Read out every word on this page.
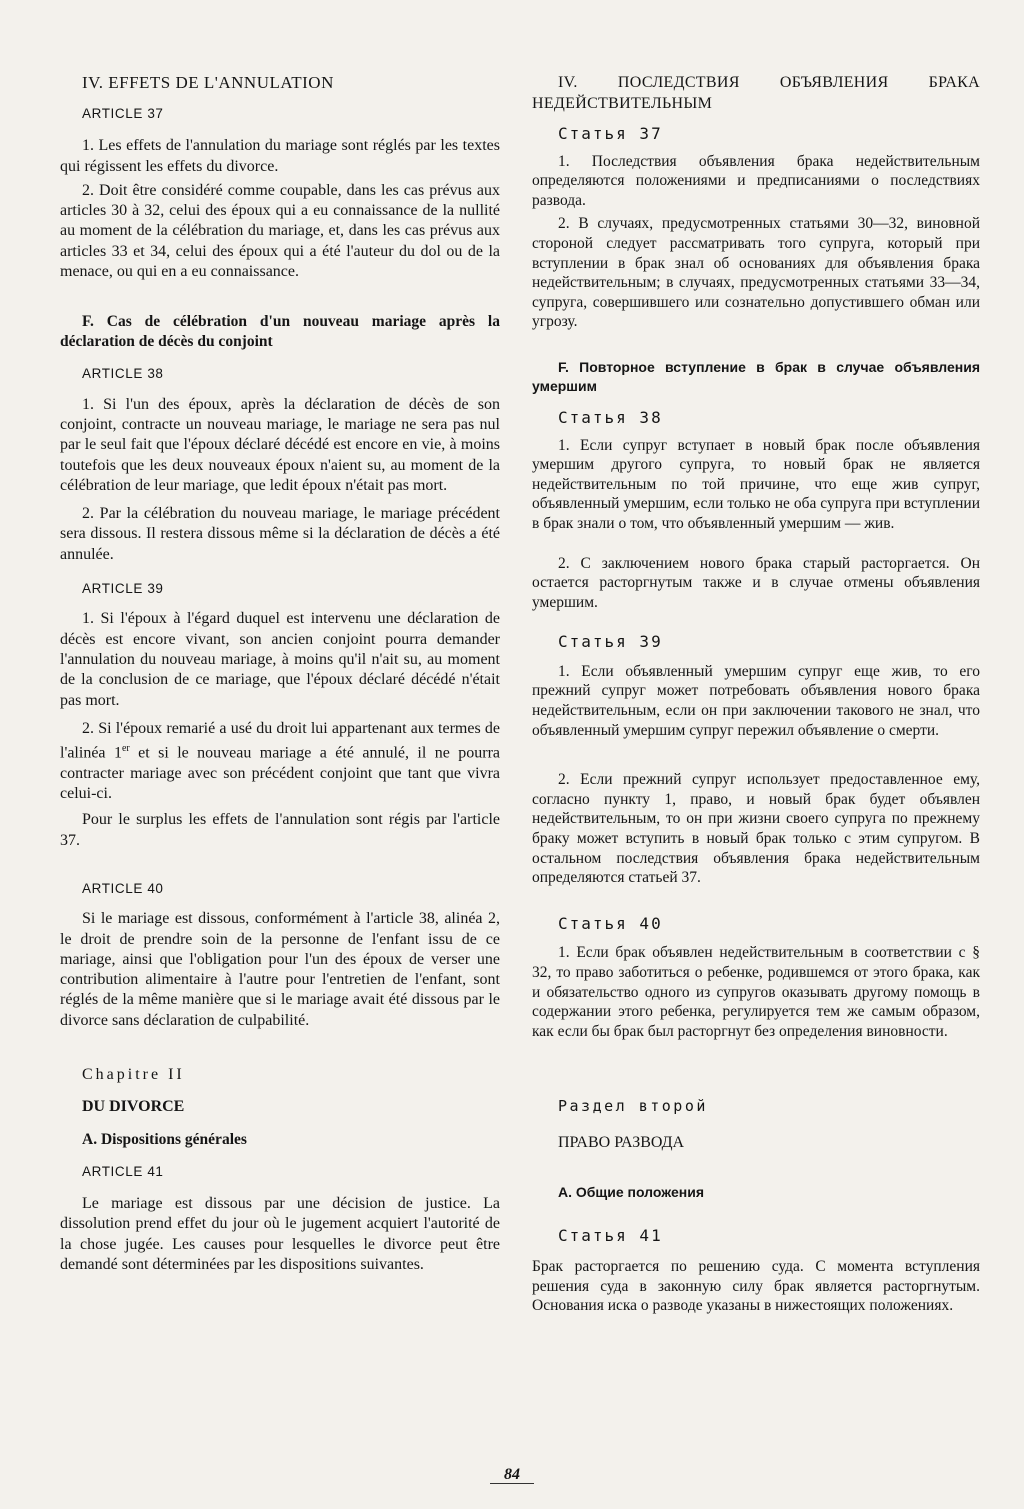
IV. EFFETS DE L'ANNULATION

ARTICLE 37

1. Les effets de l'annulation du mariage sont réglés par les textes qui régissent les effets du divorce.

2. Doit être considéré comme coupable, dans les cas prévus aux articles 30 à 32, celui des époux qui a eu connaissance de la nullité au moment de la célébration du mariage, et, dans les cas prévus aux articles 33 et 34, celui des époux qui a été l'auteur du dol ou de la menace, ou qui en a eu connaissance.

F. Cas de célébration d'un nouveau mariage après la déclaration de décès du conjoint

ARTICLE 38

1. Si l'un des époux, après la déclaration de décès de son conjoint, contracte un nouveau mariage, le mariage ne sera pas nul par le seul fait que l'époux déclaré décédé est encore en vie, à moins toutefois que les deux nouveaux époux n'aient su, au moment de la célébration de leur mariage, que ledit époux n'était pas mort.

2. Par la célébration du nouveau mariage, le mariage précédent sera dissous. Il restera dissous même si la déclaration de décès a été annulée.

ARTICLE 39

1. Si l'époux à l'égard duquel est intervenu une déclaration de décès est encore vivant, son ancien conjoint pourra demander l'annulation du nouveau mariage, à moins qu'il n'ait su, au moment de la conclusion de ce mariage, que l'époux déclaré décédé n'était pas mort.

2. Si l'époux remarié a usé du droit lui appartenant aux termes de l'alinéa 1er et si le nouveau mariage a été annulé, il ne pourra contracter mariage avec son précédent conjoint que tant que vivra celui-ci.

Pour le surplus les effets de l'annulation sont régis par l'article 37.

ARTICLE 40

Si le mariage est dissous, conformément à l'article 38, alinéa 2, le droit de prendre soin de la personne de l'enfant issu de ce mariage, ainsi que l'obligation pour l'un des époux de verser une contribution alimentaire à l'autre pour l'entretien de l'enfant, sont réglés de la même manière que si le mariage avait été dissous par le divorce sans déclaration de culpabilité.

Chapitre II

DU DIVORCE

A. Dispositions générales

ARTICLE 41

Le mariage est dissous par une décision de justice. La dissolution prend effet du jour où le jugement acquiert l'autorité de la chose jugée. Les causes pour lesquelles le divorce peut être demandé sont déterminées par les dispositions suivantes.

IV. ПОСЛЕДСТВИЯ ОБЪЯВЛЕНИЯ БРАКА НЕДЕЙСТВИТЕЛЬНЫМ

Статья 37

1. Последствия объявления брака недействительным определяются положениями и предписаниями о последствиях развода.

2. В случаях, предусмотренных статьями 30—32, виновной стороной следует рассматривать того супруга, который при вступлении в брак знал об основаниях для объявления брака недействительным; в случаях, предусмотренных статьями 33—34, супруга, совершившего или сознательно допустившего обман или угрозу.

F. Повторное вступление в брак в случае объявления умершим

Статья 38

1. Если супруг вступает в новый брак после объявления умершим другого супруга, то новый брак не является недействительным по той причине, что еще жив супруг, объявленный умершим, если только не оба супруга при вступлении в брак знали о том, что объявленный умершим — жив.

2. С заключением нового брака старый расторгается. Он остается расторгнутым также и в случае отмены объявления умершим.

Статья 39

1. Если объявленный умершим супруг еще жив, то его прежний супруг может потребовать объявления нового брака недействительным, если он при заключении такового не знал, что объявленный умершим супруг пережил объявление о смерти.

2. Если прежний супруг использует предоставленное ему, согласно пункту 1, право, и новый брак будет объявлен недействительным, то он при жизни своего супруга по прежнему браку может вступить в новый брак только с этим супругом. В остальном последствия объявления брака недействительным определяются статьей 37.

Статья 40

1. Если брак объявлен недействительным в соответствии с § 32, то право заботиться о ребенке, родившемся от этого брака, как и обязательство одного из супругов оказывать другому помощь в содержании этого ребенка, регулируется тем же самым образом, как если бы брак был расторгнут без определения виновности.

Раздел второй

ПРАВО РАЗВОДА

A. Общие положения

Статья 41

Брак расторгается по решению суда. С момента вступления решения суда в законную силу брак является расторгнутым. Основания иска о разводе указаны в нижестоящих положениях.

84
